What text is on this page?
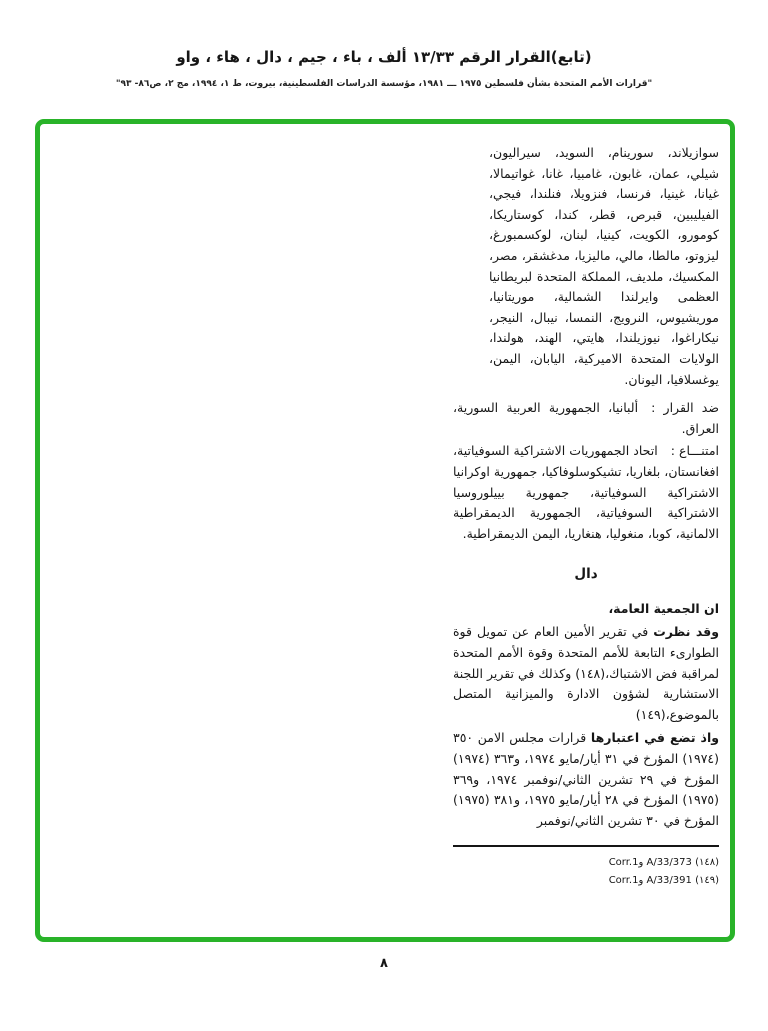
(تابع)القرار الرقم ١٣/٣٣ ألف ، باء ، جيم ، دال ، هاء ، واو
"قرارات الأمم المتحدة بشأن فلسطين ١٩٧٥ ـــ ١٩٨١، مؤسسة الدراسات الفلسطينية، بيروت، ط ١، ١٩٩٤، مج ٢، ص٨٦- ٩٣"

سوازيلاند، سورينام، السويد، سيراليون، شيلي، عمان، غابون، غامبيا، غانا، غواتيمالا، غيانا، غينيا، فرنسا، فنزويلا، فنلندا، فيجي، الفيليبين، قبرص، قطر، كندا، كوستاريكا، كومورو، الكويت، كينيا، لبنان، لوكسمبورغ، ليزوتو، مالطا، مالي، ماليزيا، مدغشقر، مصر، المكسيك، ملديف، المملكة المتحدة لبريطانيا العظمى وايرلندا الشمالية، موريتانيا، موريشيوس، النرويج، النمسا، نيبال، النيجر، نيكاراغوا، نيوزيلندا، هايتي، الهند، هولندا، الولايات المتحدة الاميركية، اليابان، اليمن، يوغسلافيا، اليونان.

ضد القرار :ألبانيا، الجمهورية العربية السورية، العراق.

امتنـــاع :اتحاد الجمهوريات الاشتراكية السوفياتية، افغانستان، بلغاريا، تشيكوسلوفاكيا، جمهورية اوكرانيا الاشتراكية السوفياتية، جمهورية بييلوروسيا الاشتراكية السوفياتية، الجمهورية الديمقراطية الالمانية، كوبا، منغوليا، هنغاريا، اليمن الديمقراطية.

دال

ان الجمعية العامة،

وقد نظرت في تقرير الأمين العام عن تمويل قوة الطوارىء التابعة للأمم المتحدة وقوة الأمم المتحدة لمراقبة فض الاشتباك،(١٤٨) وكذلك في تقرير اللجنة الاستشارية لشؤون الادارة والميزانية المتصل بالموضوع،(١٤٩)

واذ تضع في اعتبارها قرارات مجلس الامن ٣٥٠ (١٩٧٤) المؤرخ في ٣١ أيار/مايو ١٩٧٤، و٣٦٣ (١٩٧٤) المؤرخ في ٢٩ تشرين الثاني/نوفمبر ١٩٧٤، و٣٦٩ (١٩٧٥) المؤرخ في ٢٨ أيار/مايو ١٩٧٥، و٣٨١ (١٩٧٥) المؤرخ في ٣٠ تشرين الثاني/نوفمبر

(١٤٨) A/33/373 وCorr.1
(١٤٩) A/33/391 وCorr.1
٨
